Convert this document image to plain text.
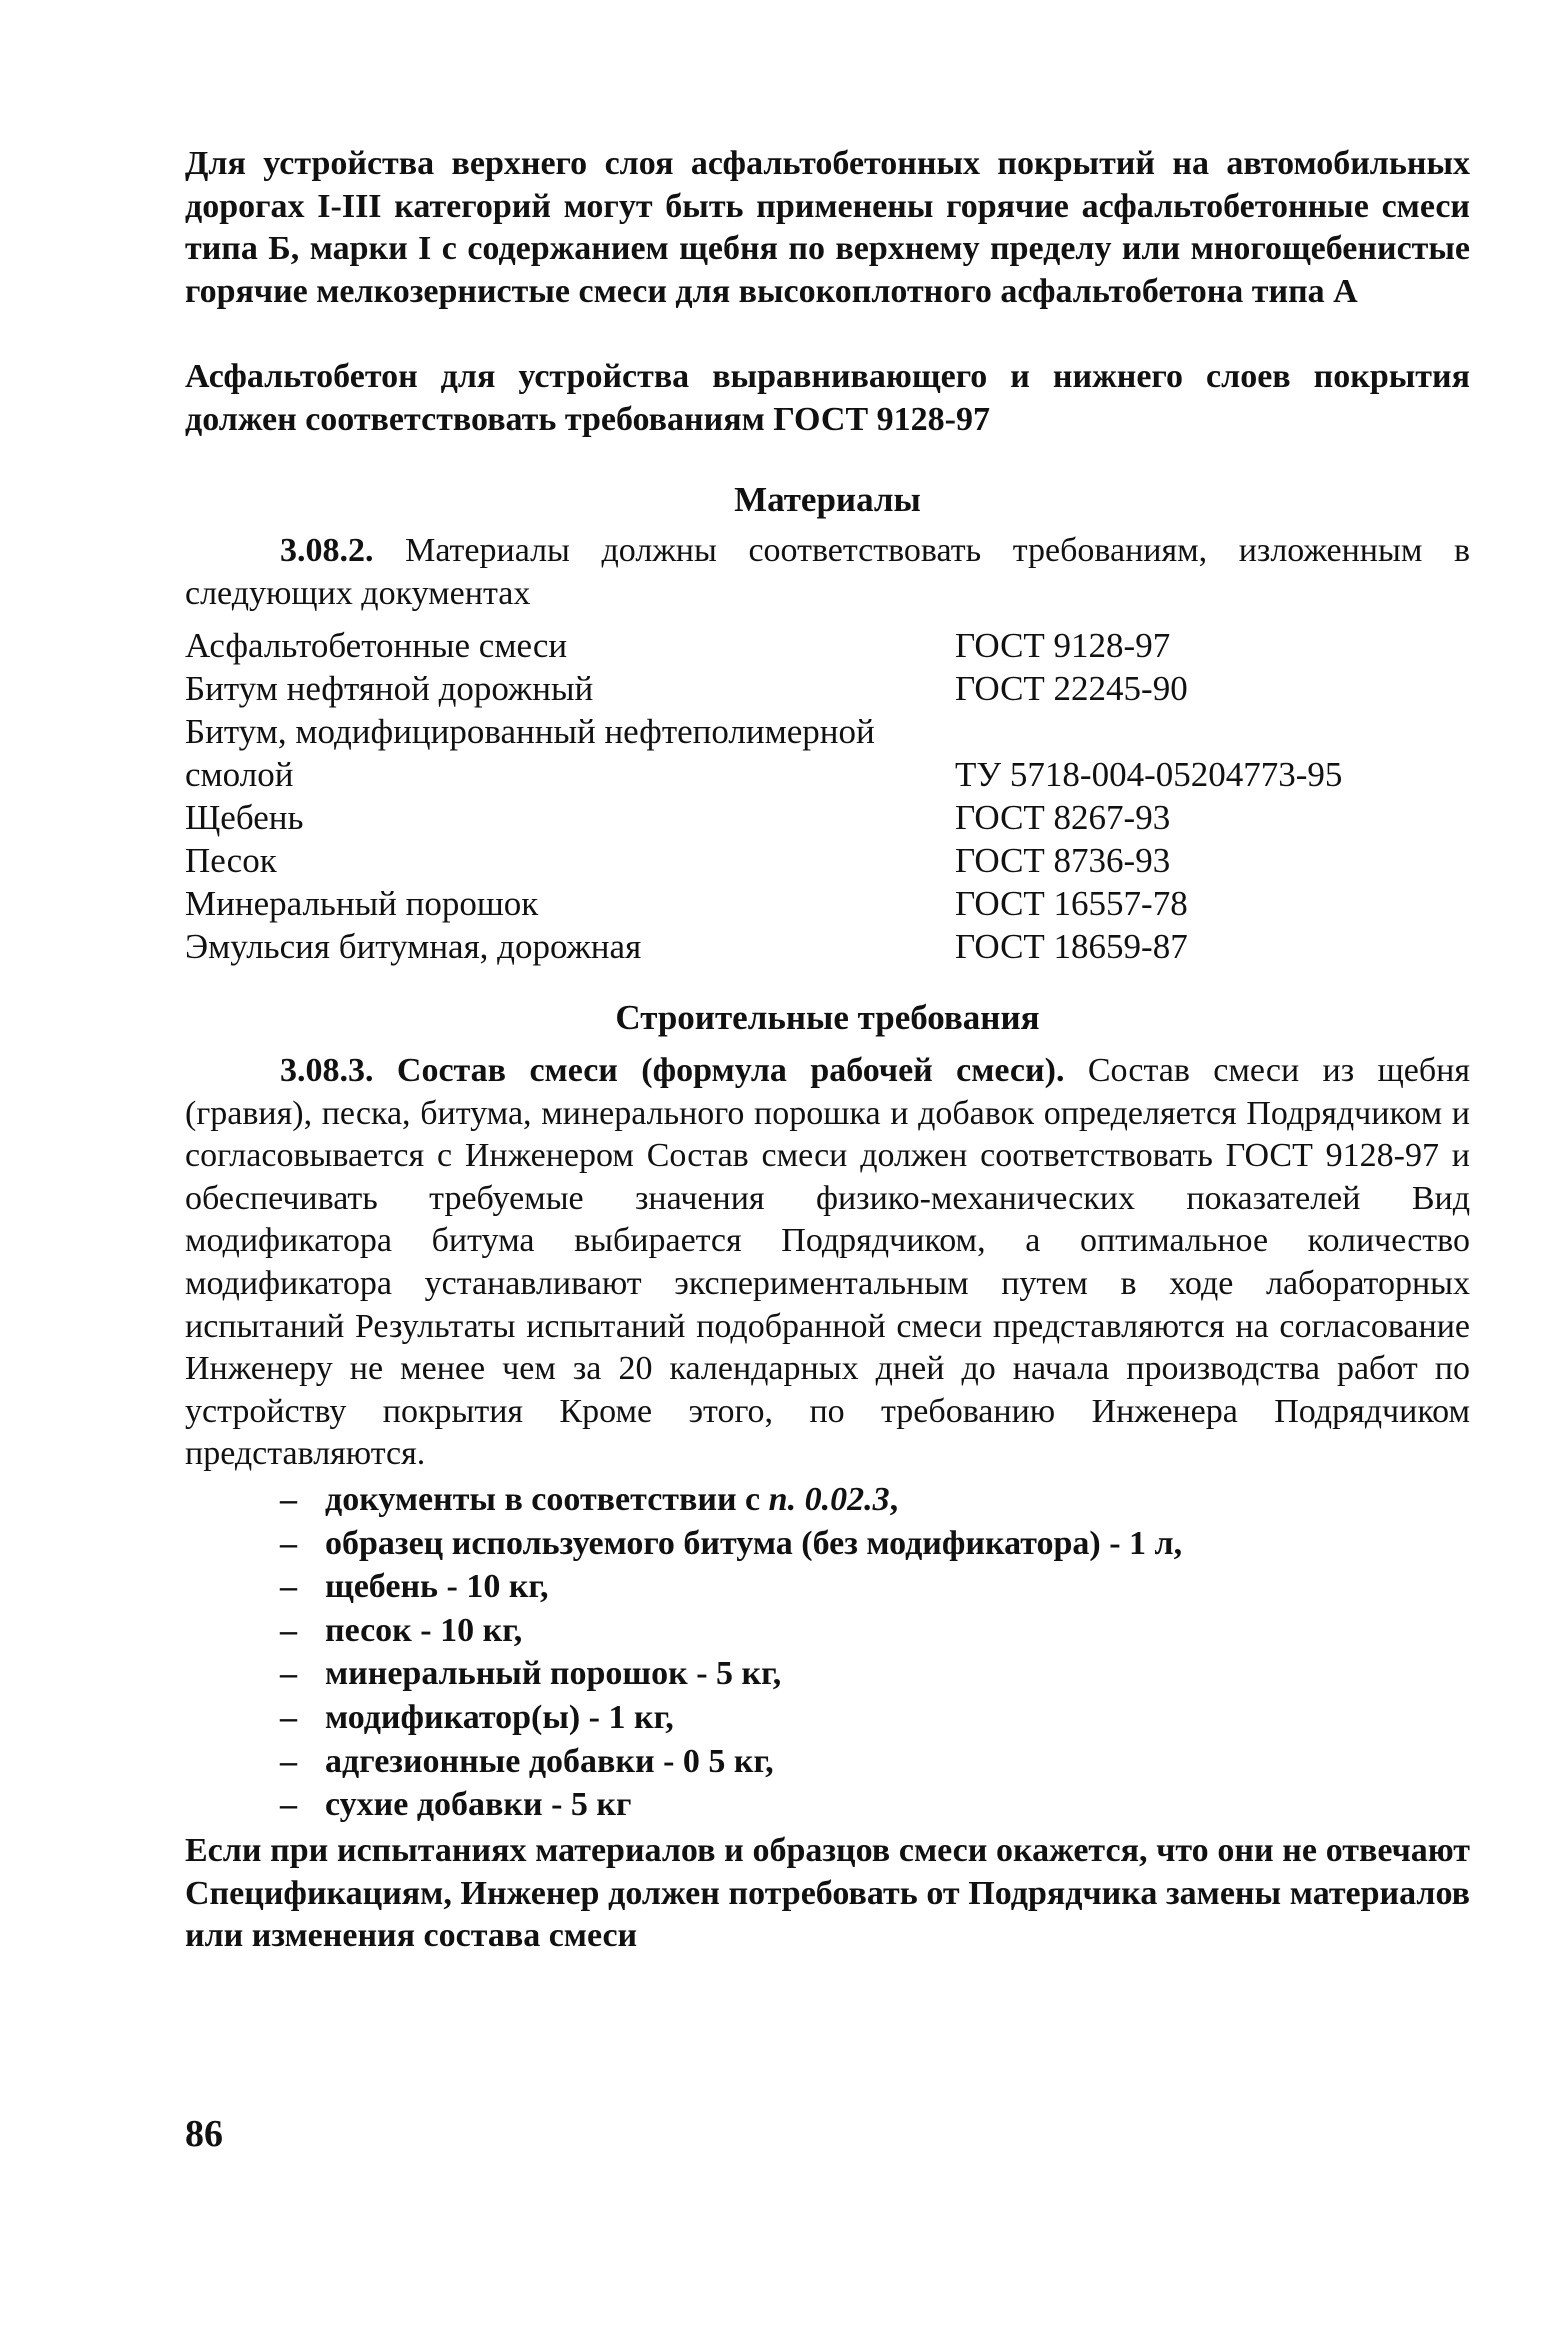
Для устройства верхнего слоя асфальтобетонных покрытий на автомобильных дорогах I-III категорий могут быть применены горячие асфальтобетонные смеси типа Б, марки I с содержанием щебня по верхнему пределу или многощебенистые горячие мелкозернистые смеси для высокоплотного асфальтобетона типа А

Асфальтобетон для устройства выравнивающего и нижнего слоев покрытия должен соответствовать требованиям ГОСТ 9128-97

Материалы

3.08.2. Материалы должны соответствовать требованиям, изложенным в следующих документах

Асфальтобетонные смеси	ГОСТ 9128-97
Битум нефтяной дорожный	ГОСТ 22245-90
Битум, модифицированный нефтеполимерной
смолой	ТУ 5718-004-05204773-95
Щебень	ГОСТ 8267-93
Песок	ГОСТ 8736-93
Минеральный порошок	ГОСТ 16557-78
Эмульсия битумная, дорожная	ГОСТ 18659-87
Строительные требования

3.08.3. Состав смеси (формула рабочей смеси). Состав смеси из щебня (гравия), песка, битума, минерального порошка и добавок определяется Подрядчиком и согласовывается с Инженером Состав смеси должен соответствовать ГОСТ 9128-97 и обеспечивать требуемые значения физико-механических показателей Вид модификатора битума выбирается Подрядчиком, а оптимальное количество модификатора устанавливают экспериментальным путем в ходе лабораторных испытаний Результаты испытаний подобранной смеси представляются на согласование Инженеру не менее чем за 20 календарных дней до начала производства работ по устройству покрытия Кроме этого, по требованию Инженера Подрядчиком представляются.

– документы в соответствии с п. 0.02.3,
– образец используемого битума (без модификатора) - 1 л,
– щебень - 10 кг,
– песок - 10 кг,
– минеральный порошок - 5 кг,
– модификатор(ы) - 1 кг,
– адгезионные добавки - 0 5 кг,
– сухие добавки - 5 кг

Если при испытаниях материалов и образцов смеси окажется, что они не отвечают Спецификациям, Инженер должен потребовать от Подрядчика замены материалов или изменения состава смеси

86
